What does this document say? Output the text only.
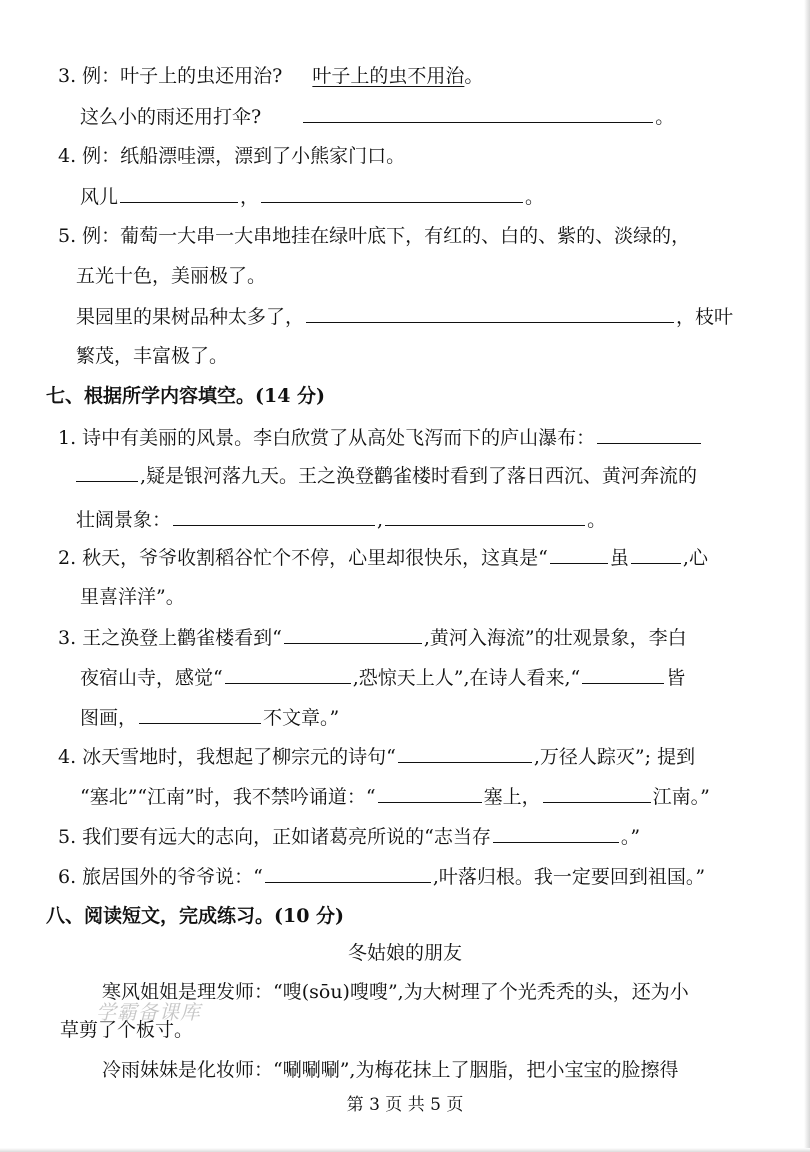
3. 例：叶子上的虫还用治? 叶子上的虫不用治。
这么小的雨还用打伞?	。
4. 例：纸船漂哇漂，漂到了小熊家门口。
风儿	，	。
5. 例：葡萄一大串一大串地挂在绿叶底下，有红的、白的、紫的、淡绿的，
五光十色，美丽极了。
果园里的果树品种太多了，	，枝叶
繁茂，丰富极了。
七、根据所学内容填空。(14 分)
1. 诗中有美丽的风景。李白欣赏了从高处飞泻而下的庐山瀑布：
,疑是银河落九天。王之涣登鹳雀楼时看到了落日西沉、黄河奔流的
壮阔景象：	,	。
2. 秋天，爷爷收割稻谷忙个不停，心里却很快乐，这真是“	虽	,心
里喜洋洋”。
3. 王之涣登上鹳雀楼看到“	,黄河入海流”的壮观景象，李白
夜宿山寺，感觉“	,恐惊天上人”,在诗人看来,“	皆
图画，	不文章。”
4. 冰天雪地时，我想起了柳宗元的诗句“	,万径人踪灭”; 提到
“塞北”“江南”时，我不禁吟诵道：“	塞上，	江南。”
5. 我们要有远大的志向，正如诸葛亮所说的“志当存	。”
6. 旅居国外的爷爷说：“	,叶落归根。我一定要回到祖国。”
八、阅读短文，完成练习。(10 分)
冬姑娘的朋友
寒风姐姐是理发师：“嗖(sōu)嗖嗖”,为大树理了个光秃秃的头，还为小
草剪了个板寸。
冷雨妹妹是化妆师：“唰唰唰”,为梅花抹上了胭脂，把小宝宝的脸擦得
学霸备课库
第 3 页 共 5 页
